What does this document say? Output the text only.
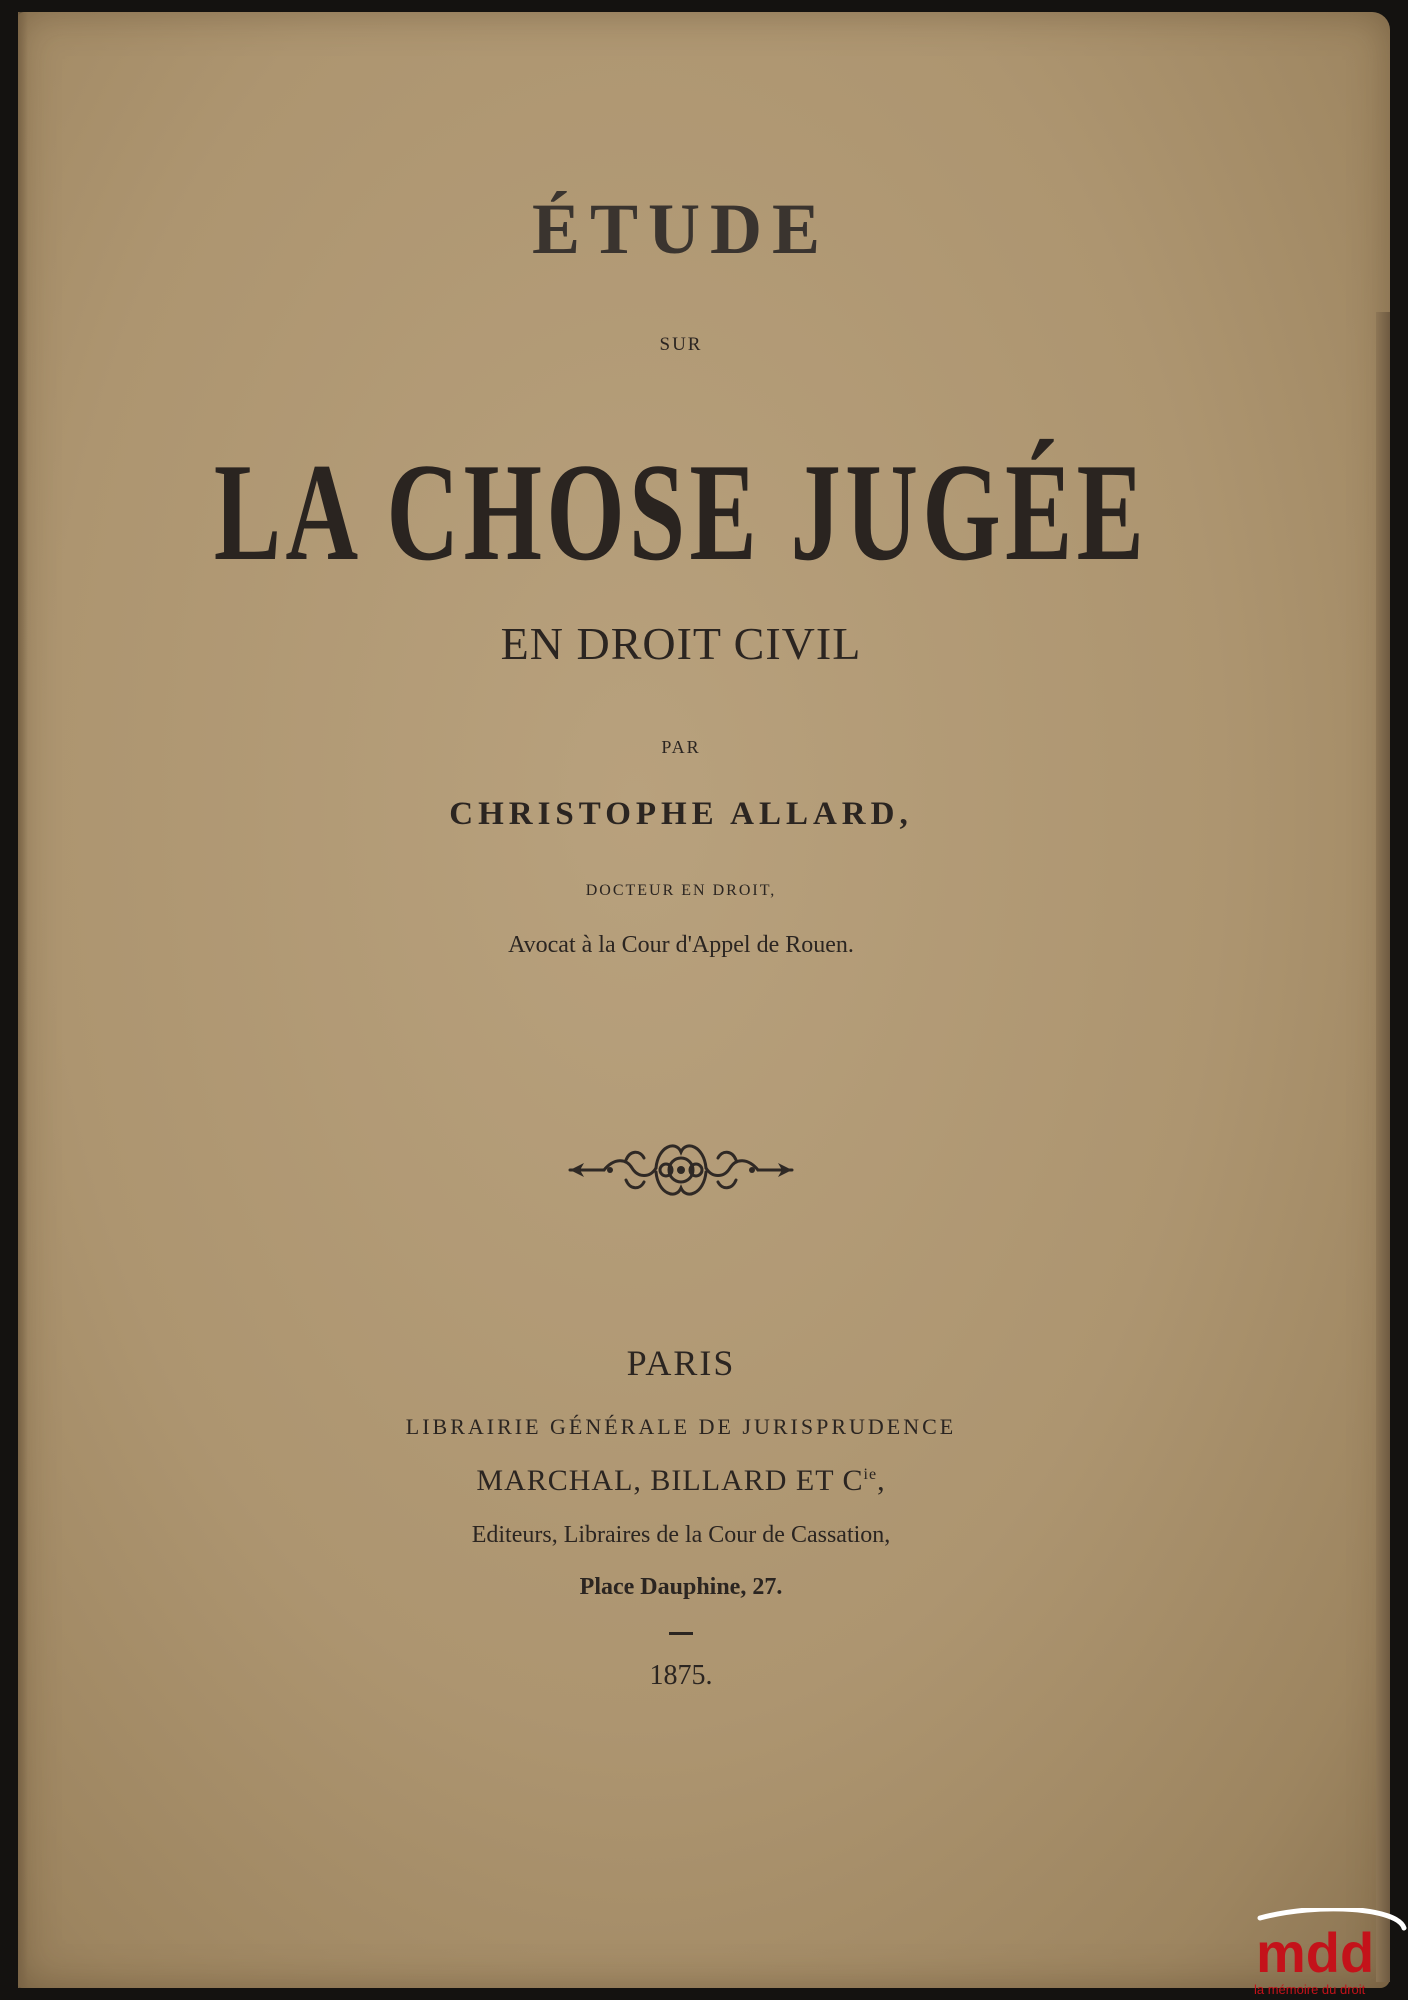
ÉTUDE
SUR
LA CHOSE JUGÉE
EN DROIT CIVIL
PAR
CHRISTOPHE ALLARD,
DOCTEUR EN DROIT,
Avocat à la Cour d'Appel de Rouen.
PARIS
LIBRAIRIE GÉNÉRALE DE JURISPRUDENCE
MARCHAL, BILLARD ET $C^{ie}$,
Editeurs, Libraires de la Cour de Cassation,
Place Dauphine, 27.
1875.
mdd
la mémoire du droit
